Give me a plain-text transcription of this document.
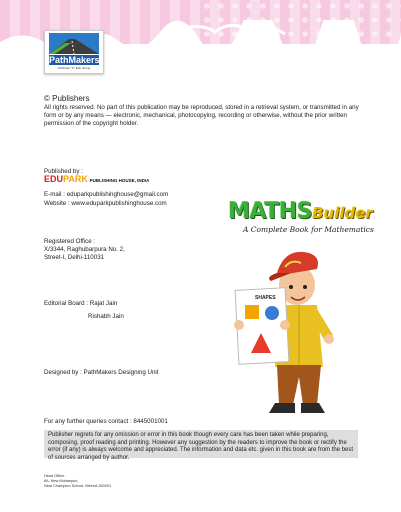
PathMakers
Publisher "F" Edu Group
© Publishers
All rights reserved. No part of this publication may be reproduced, stored in a retrieval system, or transmitted in any form or by any means — electronic, mechanical, photocopying, recording or otherwise, without the prior written permission of the copyright holder.
Published by :
EDUPARK PUBLISHING HOUSE, INDIA
E-mail : eduparkpublishinghouse@gmail.com
Website : www.eduparkpublishinghouse.com
Registered Office :
X/3344, Raghubarpura No. 2,
Street-I, Delhi-110031
Editorial Board : Rajat Jain
Rishabh Jain
Designed by : PathMakers Designing Unit
MATHSBuilder
A Complete Book for Mathematics
SHAPES
For any further queries contact : 8445001001
Publisher regrets for any omission or error in this book though every care has been taken while preparing, composing, proof reading and printing. However any suggestion by the readers to improve the book or rectify the error (if any) is always welcome and appreciated. The information and data etc. given in this book are from the best of sources arranged by author.
Head Office :
8A, New Mohanpuri,
Near Champion School, Meerut-250001
